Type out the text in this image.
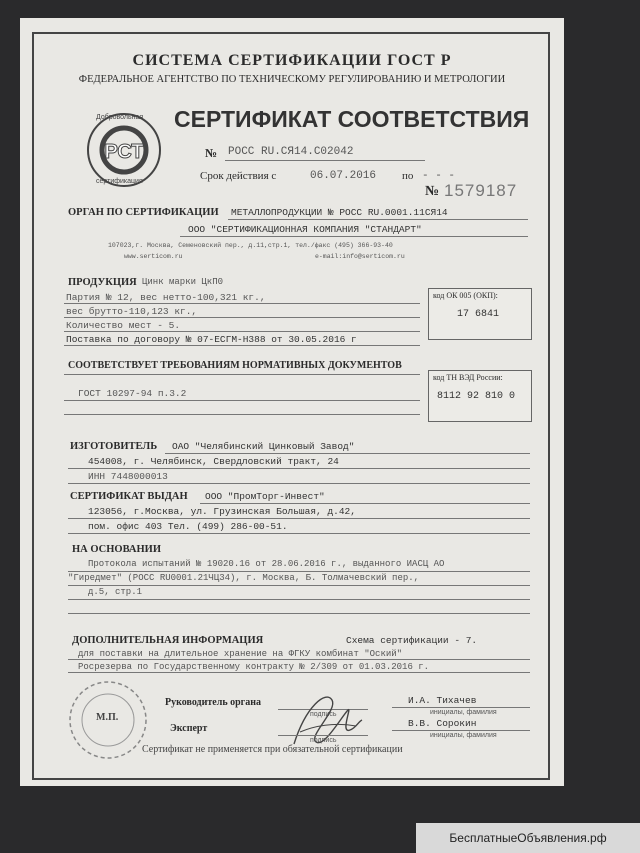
СИСТЕМА СЕРТИФИКАЦИИ ГОСТ Р
ФЕДЕРАЛЬНОЕ АГЕНТСТВО ПО ТЕХНИЧЕСКОМУ РЕГУЛИРОВАНИЮ И МЕТРОЛОГИИ
РСТ
Добровольная
сертификация
СЕРТИФИКАТ СООТВЕТСТВИЯ
№ РОСС RU.СЯ14.С02042
Срок действия с	06.07.2016 по - - -
№ 1579187
ОРГАН ПО СЕРТИФИКАЦИИ МЕТАЛЛОПРОДУКЦИИ № РОСС RU.0001.11СЯ14
ООО "СЕРТИФИКАЦИОННАЯ КОМПАНИЯ "СТАНДАРТ"
107023,г. Москва, Семеновский пер., д.11,стр.1, тел./факс (495) 366-93-40
www.serticom.ru	e-mail:info@serticom.ru
ПРОДУКЦИЯ Цинк марки ЦкП0
Партия № 12, вес нетто-100,321 кг.,
вес брутто-110,123 кг.,
Количество мест - 5.
Поставка по договору № 07-ЕСГМ-Н388 от 30.05.2016 г
код ОК 005 (ОКП):
17 6841
СООТВЕТСТВУЕТ ТРЕБОВАНИЯМ НОРМАТИВНЫХ ДОКУМЕНТОВ
ГОСТ 10297-94 п.3.2
код ТН ВЭД России:
8112 92 810 0
ИЗГОТОВИТЕЛЬ ОАО "Челябинский Цинковый Завод"
454008, г. Челябинск, Свердловский тракт, 24
ИНН 7448000013
СЕРТИФИКАТ ВЫДАН ООО "ПромТорг-Инвест"
123056, г.Москва, ул. Грузинская Большая, д.42,
пом. офис 403 Тел. (499) 286-00-51.
НА ОСНОВАНИИ
Протокола испытаний № 19020.16 от 28.06.2016 г., выданного ИАСЦ АО
"Гиредмет" (РОСС RU0001.21ЧЦ34), г. Москва, Б. Толмачевский пер.,
д.5, стр.1
ДОПОЛНИТЕЛЬНАЯ ИНФОРМАЦИЯ	Схема сертификации - 7.
для поставки на длительное хранение на ФГКУ комбинат "Оский"
Росрезерва по Государственному контракту № 2/309 от 01.03.2016 г.
М.П.
Руководитель органа
подпись
И.А. Тихачев
инициалы, фамилия
Эксперт
подпись
В.В. Сорокин
инициалы, фамилия
Сертификат не применяется при обязательной сертификации
БесплатныеОбъявления.рф
